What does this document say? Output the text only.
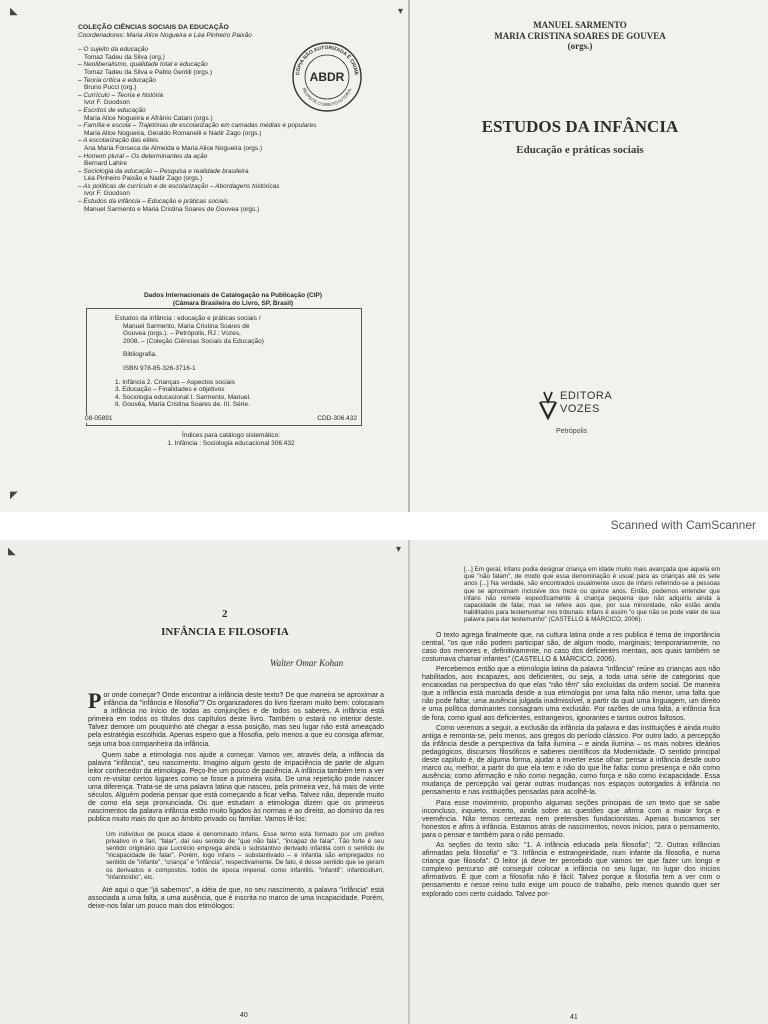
◣
◤
▾
COLEÇÃO CIÊNCIAS SOCIAIS DA EDUCAÇÃO
Coordenadores: Maria Alice Nogueira e Léa Pinheiro Paixão
– O sujeito da educação
Tomaz Tadeu da Silva (org.)
– Neoliberalismo, qualidade total e educação
Tomaz Tadeu da Silva e Pablo Gentili (orgs.)
– Teoria crítica e educação
Bruno Pucci (org.)
– Currículo – Teoria e história
Ivor F. Goodson
– Escritos de educação
Maria Alice Nogueira e Afrânio Catani (orgs.)
– Família e escola – Trajetórias de escolarização em camadas médias e populares
Maria Alice Nogueira, Geraldo Romanelli e Nadir Zago (orgs.)
– A escolarização das elites
Ana Maria Fonseca de Almeida e Maria Alice Nogueira (orgs.)
– Homem plural – Os determinantes da ação
Bernard Lahire
– Sociologia da educação – Pesquisa e realidade brasileira
Léa Pinheiro Paixão e Nadir Zago (orgs.)
– As políticas de currículo e de escolarização – Abordagens históricas
Ivor F. Goodson
– Estudos da infância – Educação e práticas sociais
Manuel Sarmento e Maria Cristina Soares de Gouvea (orgs.)
CÓPIA NÃO AUTORIZADA É CRIME
RESPEITE O DIREITO AUTORAL
ABDR
Dados Internacionais de Catalogação na Publicação (CIP)
(Câmara Brasileira do Livro, SP, Brasil)
Estudos da infância : educação e práticas sociais /
Manuel Sarmento, Maria Cristina Soares de
Gouvea (orgs.). – Petrópolis, RJ : Vozes,
2008. – (Coleção Ciências Sociais da Educação)
Bibliografia.
ISBN 978-85-326-3716-1
1. Infância 2. Crianças – Aspectos sociais
3. Educação – Finalidades e objetivos
4. Sociologia educacional I. Sarmento, Manuel.
II. Gouvêa, Maria Cristina Soares de. III. Série.
08-05891	CDD-306.432
Índices para catálogo sistemático:
1. Infância : Sociologia educacional 306.432
MANUEL SARMENTO
MARIA CRISTINA SOARES DE GOUVEA
(orgs.)
ESTUDOS DA INFÂNCIA
Educação e práticas sociais
EDITORA
VOZES
Petrópolis
Scanned with CamScanner
◣	▾
2
INFÂNCIA E FILOSOFIA
Walter Omar Kohan
P or onde começar? Onde encontrar a infância deste texto? De que maneira se aproximar a infância da "infância e filosofia"? Os organizadores do livro fizeram muito bem: colocaram a infância no início de todas as conjunções e de todos os saberes. A infância está primeira em todos os títulos dos capítulos deste livro. Também o estará no interior deste. Talvez demore um pouquinho até chegar a essa posição, mas seu lugar não está ameaçado pela estratégia escolhida. Apenas espero que a filosofia, pelo menos a que eu consiga afirmar, seja uma boa companheira da infância.
Quem sabe a etimologia nos ajude a começar. Vamos ver, através dela, a infância da palavra "infância", seu nascimento. Imagino algum gesto de impaciência de parte de algum leitor conhecedor da etimologia. Peço-lhe um pouco de paciência. A infância também tem a ver com re-visitar certos lugares como se fosse a primeira visita. De uma repetição pode nascer uma diferença. Trata-se de uma palavra latina que nasceu, pela primeira vez, há mais de vinte séculos. Alguém poderia pensar que está começando a ficar velha. Talvez não, depende muito de como ela seja pronunciada. Os que estudam a etimologia dizem que os primeiros nascimentos da palavra infância estão muito ligados às normas e ao direito, ao domínio da res publica muito mais do que ao âmbito privado ou familiar. Vamos lê-los:
Um indivíduo de pouca idade é denominado Infans. Esse termo está formado por um prefixo privativo in e fari, "falar", daí seu sentido de "que não fala", "incapaz de falar". Tão forte é seu sentido originário que Lucrécio emprega ainda o substantivo derivado infantia com o sentido de "incapacidade de falar". Porém, logo infans – substantivado – e infantia são empregados no sentido de "infante", "criança" e "infância", respectivamente. De fato, é desse sentido que se geram os derivados e compostos, todos de época imperial, como infantilis, "infantil"; infanticidium, "infanticídio", etc.
Até aqui o que "já sabemos", a idéia de que, no seu nascimento, a palavra "infância" está associada a uma falta, a uma ausência, que é inscrita no marco de uma incapacidade. Porém, deixe-nos falar um pouco mais dos etimólogos:
40
[...] Em geral, infans podia designar criança em idade muito mais avançada que aquela em que "não falam", de modo que essa denominação é usual para as crianças até os sete anos [...] Na verdade, são encontrados usualmente usos de infans referindo-se a pessoas que se aproximam inclusive dos treze ou quinze anos. Então, podemos entender que infans não remete especificamente à criança pequena que não adquiriu ainda a capacidade de falar, mas se refere aos que, por sua minoridade, não estão ainda habilitados para testemunhar nos tribunais: infans é assim "o que não se pode valer de sua palavra para dar testemunho" (CASTELLO & MÁRCICO, 2006).
O texto agrega finalmente que, na cultura latina onde a res publica é tema de importância central, "os que não podem participar são, de algum modo, marginais; temporariamente, no caso dos menores e, definitivamente, no caso dos deficientes mentais, aos quais também se costumava chamar infantes" (CASTELLO & MÁRCICO, 2006).
Percebemos então que a etimologia latina da palavra "infância" reúne as crianças aos não habilitados, aos incapazes, aos deficientes, ou seja, a toda uma série de categorias que encaixadas na perspectiva do que elas "não têm" são excluídas da ordem social. De maneira que a infância está marcada desde a sua etimologia por uma falta não menor, uma falta que não pode faltar, uma ausência julgada inadmissível, a partir da qual uma linguagem, um direito e uma política dominantes consagram uma exclusão. Por razões de uma falta, a infância fica de fora, como igual aos deficientes, estrangeiros, ignorantes e tantos outros faltosos.
Como veremos a seguir, a exclusão da infância da palavra e das instituições é ainda muito antiga e remonta-se, pelo menos, aos gregos do período clássico. Por outro lado, a percepção da infância desde a perspectiva da falta ilumina – e ainda ilumina – os mais nobres ideários pedagógicos, discursos filosóficos e saberes científicos da Modernidade. O sentido principal deste capítulo é, de alguma forma, ajudar a inverter esse olhar: pensar a infância desde outro marco ou, melhor, a partir do que ela tem e não do que lhe falta: como presença e não como ausência; como afirmação e não como negação, como força e não como incapacidade. Essa mudança de percepção vai gerar outras mudanças nos espaços outorgados à infância no pensamento e nas instituições pensadas para acolhê-la.
Para esse movimento, proponho algumas seções principais de um texto que se sabe inconcluso, inquieto, incerto, ainda sobre as questões que afirma com a maior força e veemência. Não temos certezas nem pretensões fundacionistas. Apenas buscamos ser honestos e afins à infância. Estamos atrás de nascimentos, novos inícios, para o pensamento, para o pensar e também para o não pensado.
As seções do texto são: "1. A infância educada pela filosofia"; "2. Outras infâncias afirmadas pela filosofia" e "3. Infância e estrangeiridade, num infante da filosofia, e numa criança que filosofa". O leitor já deve ter percebido que vamos ter que fazer um longo e complexo percurso até conseguir colocar a infância no seu lugar, no lugar dos inícios afirmativos. É que com a filosofia não é fácil. Talvez porque a filosofia tem a ver com o pensamento e nesse reino tudo exige um pouco de trabalho, pelo menos quando quer ser explorado com certo cuidado. Talvez por-
41
